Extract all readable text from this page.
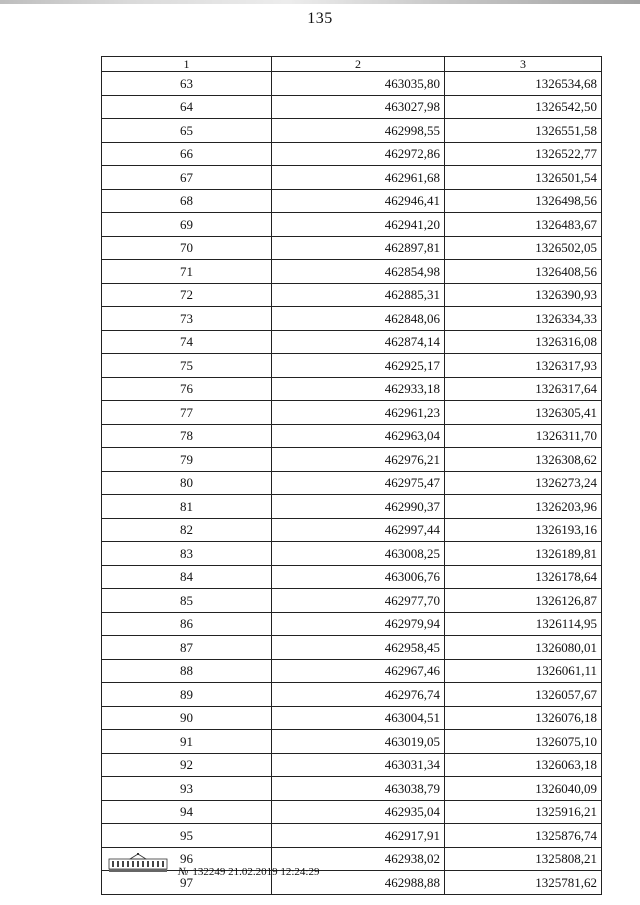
135
1	2	3
63	463035,80	1326534,68
64	463027,98	1326542,50
65	462998,55	1326551,58
66	462972,86	1326522,77
67	462961,68	1326501,54
68	462946,41	1326498,56
69	462941,20	1326483,67
70	462897,81	1326502,05
71	462854,98	1326408,56
72	462885,31	1326390,93
73	462848,06	1326334,33
74	462874,14	1326316,08
75	462925,17	1326317,93
76	462933,18	1326317,64
77	462961,23	1326305,41
78	462963,04	1326311,70
79	462976,21	1326308,62
80	462975,47	1326273,24
81	462990,37	1326203,96
82	462997,44	1326193,16
83	463008,25	1326189,81
84	463006,76	1326178,64
85	462977,70	1326126,87
86	462979,94	1326114,95
87	462958,45	1326080,01
88	462967,46	1326061,11
89	462976,74	1326057,67
90	463004,51	1326076,18
91	463019,05	1326075,10
92	463031,34	1326063,18
93	463038,79	1326040,09
94	462935,04	1325916,21
95	462917,91	1325876,74
96	462938,02	1325808,21
97	462988,88	1325781,62
№ 132249 21.02.2019 12:24:29
